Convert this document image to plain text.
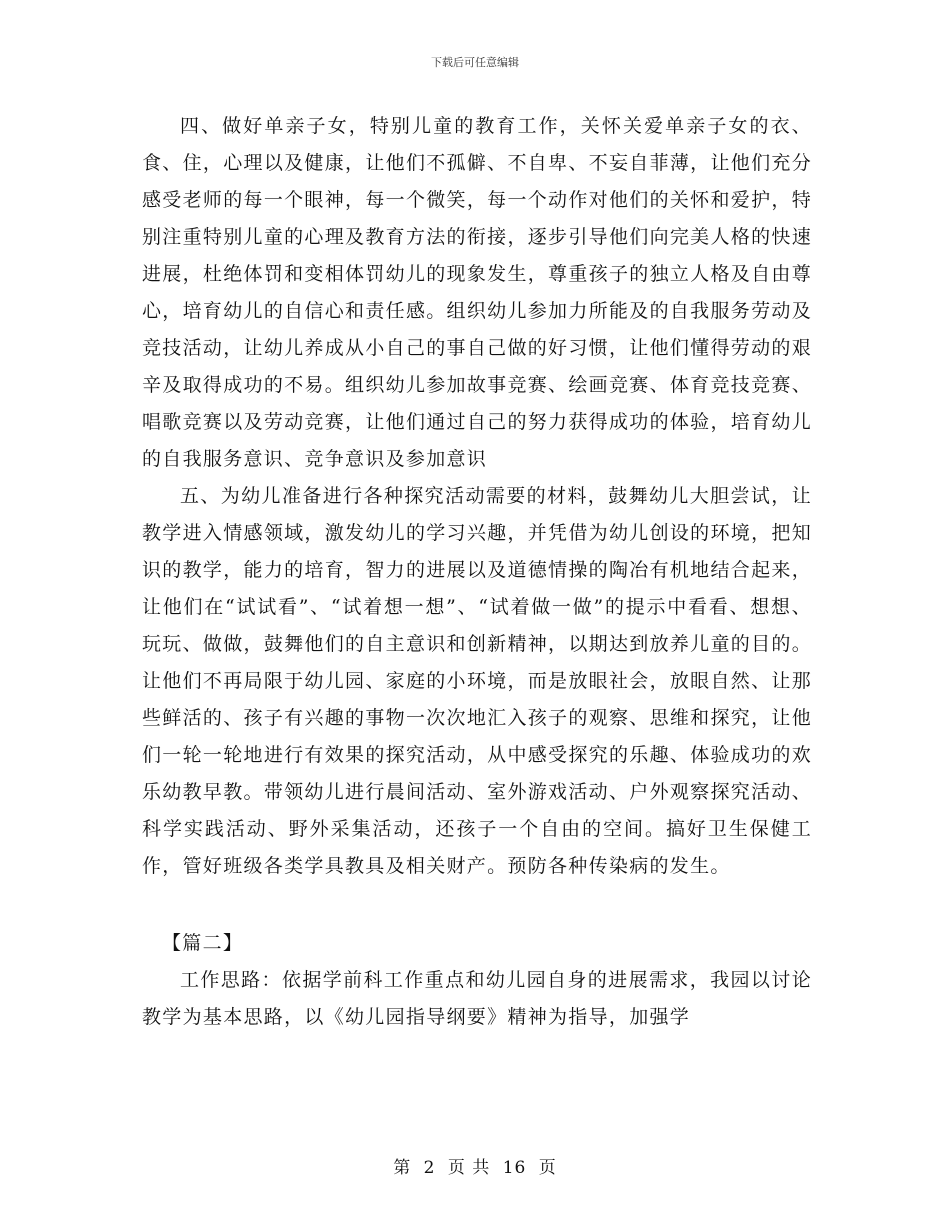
下载后可任意编辑

四、做好单亲子女，特别儿童的教育工作，关怀关爱单亲子女的衣、食、住，心理以及健康，让他们不孤僻、不自卑、不妄自菲薄，让他们充分感受老师的每一个眼神，每一个微笑，每一个动作对他们的关怀和爱护，特别注重特别儿童的心理及教育方法的衔接，逐步引导他们向完美人格的快速进展，杜绝体罚和变相体罚幼儿的现象发生，尊重孩子的独立人格及自由尊心，培育幼儿的自信心和责任感。组织幼儿参加力所能及的自我服务劳动及竞技活动，让幼儿养成从小自己的事自己做的好习惯，让他们懂得劳动的艰辛及取得成功的不易。组织幼儿参加故事竞赛、绘画竞赛、体育竞技竞赛、唱歌竞赛以及劳动竞赛，让他们通过自己的努力获得成功的体验，培育幼儿的自我服务意识、竞争意识及参加意识

五、为幼儿准备进行各种探究活动需要的材料，鼓舞幼儿大胆尝试，让教学进入情感领域，激发幼儿的学习兴趣，并凭借为幼儿创设的环境，把知识的教学，能力的培育，智力的进展以及道德情操的陶冶有机地结合起来，让他们在“试试看”、“试着想一想”、“试着做一做”的提示中看看、想想、玩玩、做做，鼓舞他们的自主意识和创新精神，以期达到放养儿童的目的。让他们不再局限于幼儿园、家庭的小环境，而是放眼社会，放眼自然、让那些鲜活的、孩子有兴趣的事物一次次地汇入孩子的观察、思维和探究，让他们一轮一轮地进行有效果的探究活动，从中感受探究的乐趣、体验成功的欢乐幼教早教。带领幼儿进行晨间活动、室外游戏活动、户外观察探究活动、科学实践活动、野外采集活动，还孩子一个自由的空间。搞好卫生保健工作，管好班级各类学具教具及相关财产。预防各种传染病的发生。

【篇二】

工作思路：依据学前科工作重点和幼儿园自身的进展需求，我园以讨论教学为基本思路，以《幼儿园指导纲要》精神为指导，加强学

第 2 页 共 16 页
